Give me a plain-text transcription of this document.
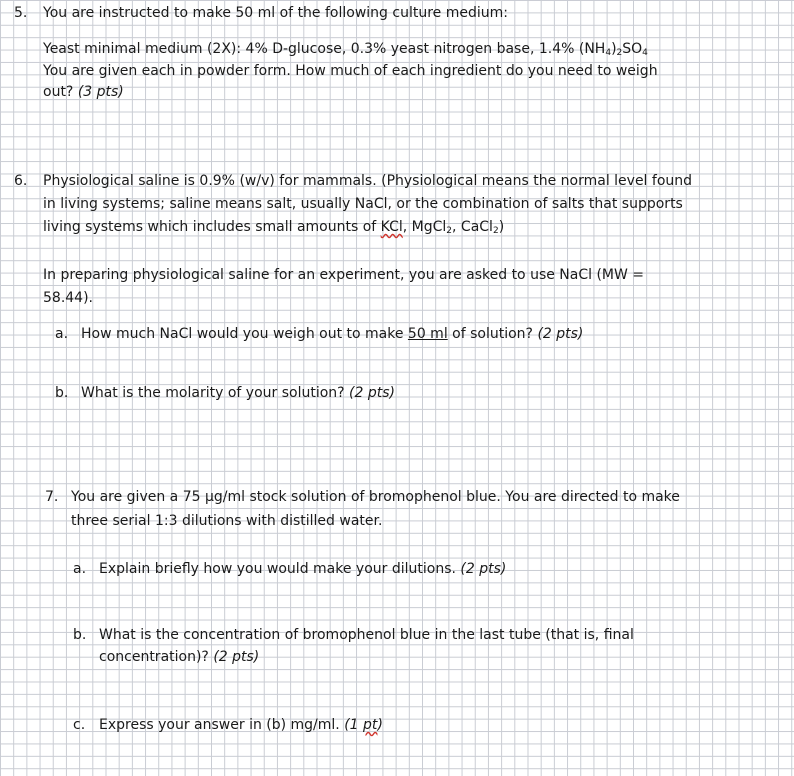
5. You are instructed to make 50 ml of the following culture medium:
Yeast minimal medium (2X): 4% D-glucose, 0.3% yeast nitrogen base, 1.4% $(NH_4)_2SO_4$
You are given each in powder form. How much of each ingredient do you need to weigh
out? (3 pts)
6. Physiological saline is 0.9% (w/v) for mammals. (Physiological means the normal level found
in living systems; saline means salt, usually NaCl, or the combination of salts that supports
living systems which includes small amounts of KCl, MgCl$_2$, CaCl$_2$)
In preparing physiological saline for an experiment, you are asked to use NaCl (MW =
58.44).
a. How much NaCl would you weigh out to make 50 ml of solution? (2 pts)
b. What is the molarity of your solution? (2 pts)
7. You are given a 75 μg/ml stock solution of bromophenol blue. You are directed to make
three serial 1:3 dilutions with distilled water.
a. Explain briefly how you would make your dilutions. (2 pts)
b. What is the concentration of bromophenol blue in the last tube (that is, final
concentration)? (2 pts)
c. Express your answer in (b) mg/ml. (1 pt)
